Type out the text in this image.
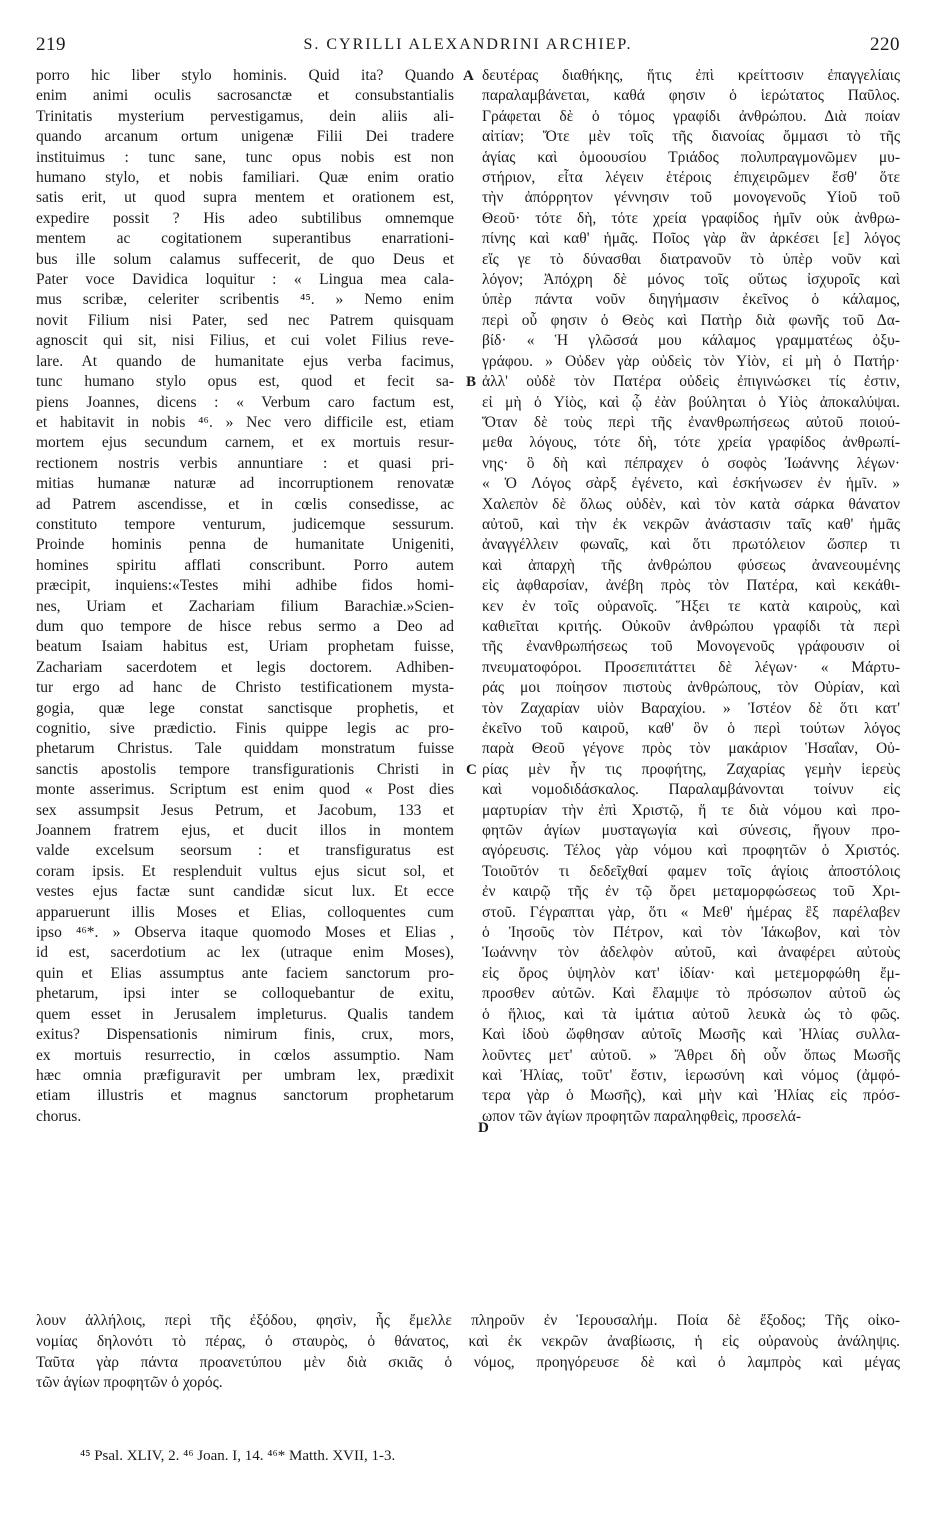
219	S. CYRILLI ALEXANDRINI ARCHIEP.	220
porro hic liber stylo hominis. Quid ita? Quando
enim animi oculis sacrosanctæ et consubstantialis
Trinitatis mysterium pervestigamus, dein aliis ali-
quando arcanum ortum unigenæ Filii Dei tradere
instituimus : tunc sane, tunc opus nobis est non
humano stylo, et nobis familiari. Quæ enim oratio
satis erit, ut quod supra mentem et orationem est,
expedire possit ? His adeo subtilibus omnemque
mentem ac cogitationem superantibus enarrationi-
bus ille solum calamus suffecerit, de quo Deus et
Pater voce Davidica loquitur : « Lingua mea cala-
mus scribæ, celeriter scribentis ⁴⁵. » Nemo enim
novit Filium nisi Pater, sed nec Patrem quisquam
agnoscit qui sit, nisi Filius, et cui volet Filius reve-
lare. At quando de humanitate ejus verba facimus,
tunc humano stylo opus est, quod et fecit sa-
piens Joannes, dicens : « Verbum caro factum est,
et habitavit in nobis ⁴⁶. » Nec vero difficile est, etiam
mortem ejus secundum carnem, et ex mortuis resur-
rectionem nostris verbis annuntiare : et quasi pri-
mitias humanæ naturæ ad incorruptionem renovatæ
ad Patrem ascendisse, et in cœlis consedisse, ac
constituto tempore venturum, judicemque sessurum.
Proinde hominis penna de humanitate Unigeniti,
homines spiritu afflati conscribunt. Porro autem
præcipit, inquiens:«Testes mihi adhibe fidos homi-
nes, Uriam et Zachariam filium Barachiæ.»Scien-
dum quo tempore de hisce rebus sermo a Deo ad
beatum Isaiam habitus est, Uriam prophetam fuisse,
Zachariam sacerdotem et legis doctorem. Adhiben-
tur ergo ad hanc de Christo testificationem mysta-
gogia, quæ lege constat sanctisque prophetis, et
cognitio, sive prædictio. Finis quippe legis ac pro-
phetarum Christus. Tale quiddam monstratum fuisse
sanctis apostolis tempore transfigurationis Christi in
monte asserimus. Scriptum est enim quod « Post dies
sex assumpsit Jesus Petrum, et Jacobum, 133 et
Joannem fratrem ejus, et ducit illos in montem
valde excelsum seorsum : et transfiguratus est
coram ipsis. Et resplenduit vultus ejus sicut sol, et
vestes ejus factæ sunt candidæ sicut lux. Et ecce
apparuerunt illis Moses et Elias, colloquentes cum
ipso ⁴⁶*. » Observa itaque quomodo Moses et Elias ,
id est, sacerdotium ac lex (utraque enim Moses),
quin et Elias assumptus ante faciem sanctorum pro-
phetarum, ipsi inter se colloquebantur de exitu,
quem esset in Jerusalem impleturus. Qualis tandem
exitus? Dispensationis nimirum finis, crux, mors,
ex mortuis resurrectio, in cœlos assumptio. Nam
hæc omnia præfiguravit per umbram lex, prædixit
etiam illustris et magnus sanctorum prophetarum
chorus.
δευτέρας διαθήκης, ἥτις ἐπὶ κρείττοσιν ἐπαγγελίαις
παραλαμβάνεται, καθά φησιν ὁ ἱερώτατος Παῦλος.
Γράφεται δὲ ὁ τόμος γραφίδι ἀνθρώπου. Διὰ ποίαν
αἰτίαν; Ὅτε μὲν τοῖς τῆς διανοίας ὄμμασι τὸ τῆς
ἁγίας καὶ ὁμοουσίου Τριάδος πολυπραγμονῶμεν μυ-
στήριον, εἶτα λέγειν ἑτέροις ἐπιχειρῶμεν ἔσθ' ὅτε
τὴν ἀπόρρητον γέννησιν τοῦ μονογενοῦς Υἱοῦ τοῦ
Θεοῦ· τότε δὴ, τότε χρεία γραφίδος ἡμῖν οὐκ ἀνθρω-
πίνης καὶ καθ' ἡμᾶς. Ποῖος γὰρ ἂν ἀρκέσει [ε] λόγος
εἴς γε τὸ δύνασθαι διατρανοῦν τὸ ὑπὲρ νοῦν καὶ
λόγον; Ἀπόχρη δὲ μόνος τοῖς οὕτως ἰσχυροῖς καὶ
ὑπὲρ πάντα νοῦν διηγήμασιν ἐκεῖνος ὁ κάλαμος,
περὶ οὗ φησιν ὁ Θεὸς καὶ Πατὴρ διὰ φωνῆς τοῦ Δα-
βίδ· « Ἡ γλῶσσά μου κάλαμος γραμματέως ὀξυ-
γράφου. » Οὐδεν γὰρ οὐδεὶς τὸν Υἱὸν, εἰ μὴ ὁ Πατήρ·
ἀλλ' οὐδὲ τὸν Πατέρα οὐδεὶς ἐπιγινώσκει τίς ἐστιν,
εἰ μὴ ὁ Υἱὸς, καὶ ᾧ ἐὰν βούληται ὁ Υἱὸς ἀποκαλύψαι.
Ὅταν δὲ τοὺς περὶ τῆς ἐνανθρωπήσεως αὐτοῦ ποιού-
μεθα λόγους, τότε δὴ, τότε χρεία γραφίδος ἀνθρωπί-
νης· ὃ δὴ καὶ πέπραχεν ὁ σοφὸς Ἰωάννης λέγων·
« Ὁ Λόγος σὰρξ ἐγένετο, καὶ ἐσκήνωσεν ἐν ἡμῖν. »
Χαλεπὸν δὲ ὅλως οὐδὲν, καὶ τὸν κατὰ σάρκα θάνατον
αὐτοῦ, καὶ τὴν ἐκ νεκρῶν ἀνάστασιν ταῖς καθ' ἡμᾶς
ἀναγγέλλειν φωναῖς, καὶ ὅτι πρωτόλειον ὥσπερ τι
καὶ ἀπαρχὴ τῆς ἀνθρώπου φύσεως ἀνανεουμένης
εἰς ἀφθαρσίαν, ἀνέβη πρὸς τὸν Πατέρα, καὶ κεκάθι-
κεν ἐν τοῖς οὐρανοῖς. Ἥξει τε κατὰ καιροὺς, καὶ
καθιεῖται κριτής. Οὐκοῦν ἀνθρώπου γραφίδι τὰ περὶ
τῆς ἐνανθρωπήσεως τοῦ Μονογενοῦς γράφουσιν οἱ
πνευματοφόροι. Προσεπιτάττει δὲ λέγων· « Μάρτυ-
ράς μοι ποίησον πιστοὺς ἀνθρώπους, τὸν Οὐρίαν, καὶ
τὸν Ζαχαρίαν υἱὸν Βαραχίου. » Ἰστέον δὲ ὅτι κατ'
ἐκεῖνο τοῦ καιροῦ, καθ' ὃν ὁ περὶ τούτων λόγος
παρὰ Θεοῦ γέγονε πρὸς τὸν μακάριον Ἡσαΐαν, Οὐ-
ρίας μὲν ἦν τις προφήτης, Ζαχαρίας γεμὴν ἱερεὺς
καὶ νομοδιδάσκαλος. Παραλαμβάνονται τοίνυν εἰς
μαρτυρίαν τὴν ἐπὶ Χριστῷ, ἥ τε διὰ νόμου καὶ προ-
φητῶν ἁγίων μυσταγωγία καὶ σύνεσις, ἤγουν προ-
αγόρευσις. Τέλος γὰρ νόμου καὶ προφητῶν ὁ Χριστός.
Τοιοῦτόν τι δεδεῖχθαί φαμεν τοῖς ἁγίοις ἀποστόλοις
ἐν καιρῷ τῆς ἐν τῷ ὄρει μεταμορφώσεως τοῦ Χρι-
στοῦ. Γέγραπται γὰρ, ὅτι « Μεθ' ἡμέρας ἓξ παρέλαβεν
ὁ Ἰησοῦς τὸν Πέτρον, καὶ τὸν Ἰάκωβον, καὶ τὸν
Ἰωάννην τὸν ἀδελφὸν αὐτοῦ, καὶ ἀναφέρει αὐτοὺς
εἰς ὄρος ὑψηλὸν κατ' ἰδίαν· καὶ μετεμορφώθη ἔμ-
προσθεν αὐτῶν. Καὶ ἔλαμψε τὸ πρόσωπον αὐτοῦ ὡς
ὁ ἥλιος, καὶ τὰ ἱμάτια αὐτοῦ λευκὰ ὡς τὸ φῶς.
Καὶ ἰδοὺ ὤφθησαν αὐτοῖς Μωσῆς καὶ Ἠλίας συλλα-
λοῦντες μετ' αὐτοῦ. » Ἄθρει δὴ οὖν ὅπως Μωσῆς
καὶ Ἠλίας, τοῦτ' ἔστιν, ἱερωσύνη καὶ νόμος (ἀμφό-
τερα γὰρ ὁ Μωσῆς), καὶ μὴν καὶ Ἠλίας εἰς πρόσ-
ωπον τῶν ἁγίων προφητῶν παραληφθεὶς, προσελά-
A
B
C
D
λουν ἀλλήλοις, περὶ τῆς ἐξόδου, φησὶν, ἧς ἔμελλε πληροῦν ἐν Ἱερουσαλήμ. Ποία δὲ ἔξοδος; Τῆς οἰκο-
νομίας δηλονότι τὸ πέρας, ὁ σταυρὸς, ὁ θάνατος, καὶ ἐκ νεκρῶν ἀναβίωσις, ἡ εἰς οὐρανοὺς ἀνάληψις.
Ταῦτα γὰρ πάντα προανετύπου μὲν διὰ σκιᾶς ὁ νόμος, προηγόρευσε δὲ καὶ ὁ λαμπρὸς καὶ μέγας
τῶν ἁγίων προφητῶν ὁ χορός.
⁴⁵ Psal. XLIV, 2. ⁴⁶ Joan. I, 14. ⁴⁶* Matth. XVII, 1-3.
